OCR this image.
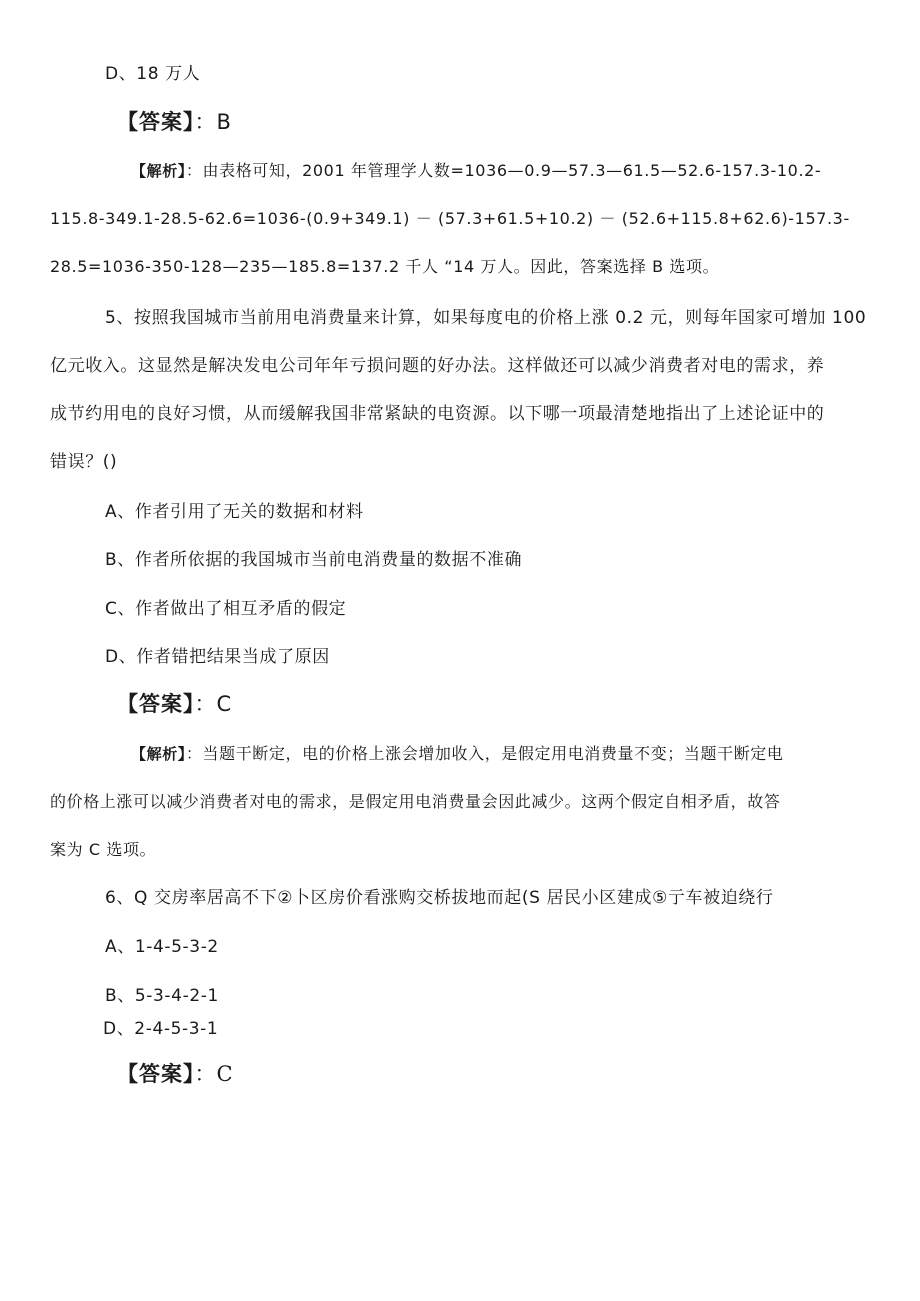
D、18 万人
【答案】：B
【解析】：由表格可知，2001 年管理学人数=1036—0.9—57.3—61.5—52.6-157.3-10.2-
115.8-349.1-28.5-62.6=1036-(0.9+349.1) － (57.3+61.5+10.2) － (52.6+115.8+62.6)-157.3-
28.5=1036-350-128—235—185.8=137.2 千人 “14 万人。因此，答案选择 B 选项。
5、按照我国城市当前用电消费量来计算，如果每度电的价格上涨 0.2 元，则每年国家可增加 100
亿元收入。这显然是解决发电公司年年亏损问题的好办法。这样做还可以减少消费者对电的需求，养
成节约用电的良好习惯，从而缓解我国非常紧缺的电资源。以下哪一项最清楚地指出了上述论证中的
错误？()
A、作者引用了无关的数据和材料
B、作者所依据的我国城市当前电消费量的数据不准确
C、作者做出了相互矛盾的假定
D、作者错把结果当成了原因
【答案】：C
【解析】：当题干断定，电的价格上涨会增加收入，是假定用电消费量不变；当题干断定电
的价格上涨可以减少消费者对电的需求，是假定用电消费量会因此减少。这两个假定自相矛盾，故答
案为 C 选项。
6、Q 交房率居高不下②卜区房价看涨购交桥拔地而起(S 居民小区建成⑤亍车被迫绕行
A、1-4-5-3-2
B、5-3-4-2-1
D、2-4-5-3-1
【答案】：C
